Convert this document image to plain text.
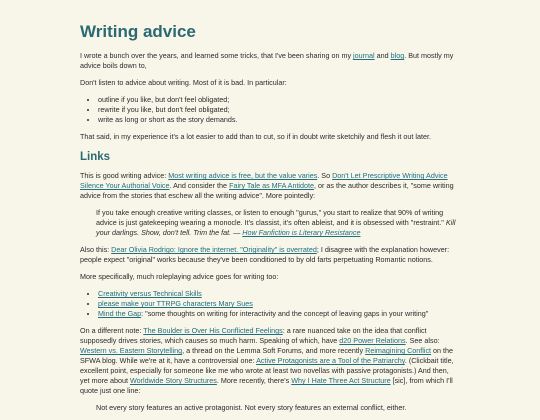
Writing advice

I wrote a bunch over the years, and learned some tricks, that I've been sharing on my journal and blog. But mostly my advice boils down to,

Don't listen to advice about writing. Most of it is bad. In particular:

• outline if you like, but don't feel obligated;
• rewrite if you like, but don't feel obligated;
• write as long or short as the story demands.

That said, in my experience it's a lot easier to add than to cut, so if in doubt write sketchily and flesh it out later.

Links

This is good writing advice: Most writing advice is free, but the value varies. So Don't Let Prescriptive Writing Advice Silence Your Authorial Voice. And consider the Fairy Tale as MFA Antidote, or as the author describes it, "some writing advice from the stories that eschew all the writing advice". More pointedly:

If you take enough creative writing classes, or listen to enough "gurus," you start to realize that 90% of writing advice is just gatekeeping wearing a monocle. It's classist, it's often ableist, and it is obsessed with "restraint." Kill your darlings. Show, don't tell. Trim the fat. — How Fanfiction is Literary Resistance

Also this: Dear Olivia Rodrigo: Ignore the internet. "Originality" is overrated; I disagree with the explanation however: people expect "original" works because they've been conditioned to by old farts perpetuating Romantic notions.

More specifically, much roleplaying advice goes for writing too:

• Creativity versus Technical Skills
• please make your TTRPG characters Mary Sues
• Mind the Gap: "some thoughts on writing for interactivity and the concept of leaving gaps in your writing"

On a different note: The Boulder is Over His Conflicted Feelings: a rare nuanced take on the idea that conflict supposedly drives stories, which causes so much harm. Speaking of which, have d20 Power Relations. See also: Western vs. Eastern Storytelling, a thread on the Lemma Soft Forums, and more recently Reimagining Conflict on the SFWA blog. While we're at it, have a controversial one: Active Protagonists are a Tool of the Patriarchy. (Clickbait title, excellent point, especially for someone like me who wrote at least two novellas with passive protagonists.) And then, yet more about Worldwide Story Structures. More recently, there's Why I Hate Three Act Structure [sic], from which I'll quote just one line:

Not every story features an active protagonist. Not every story features an external conflict, either.
